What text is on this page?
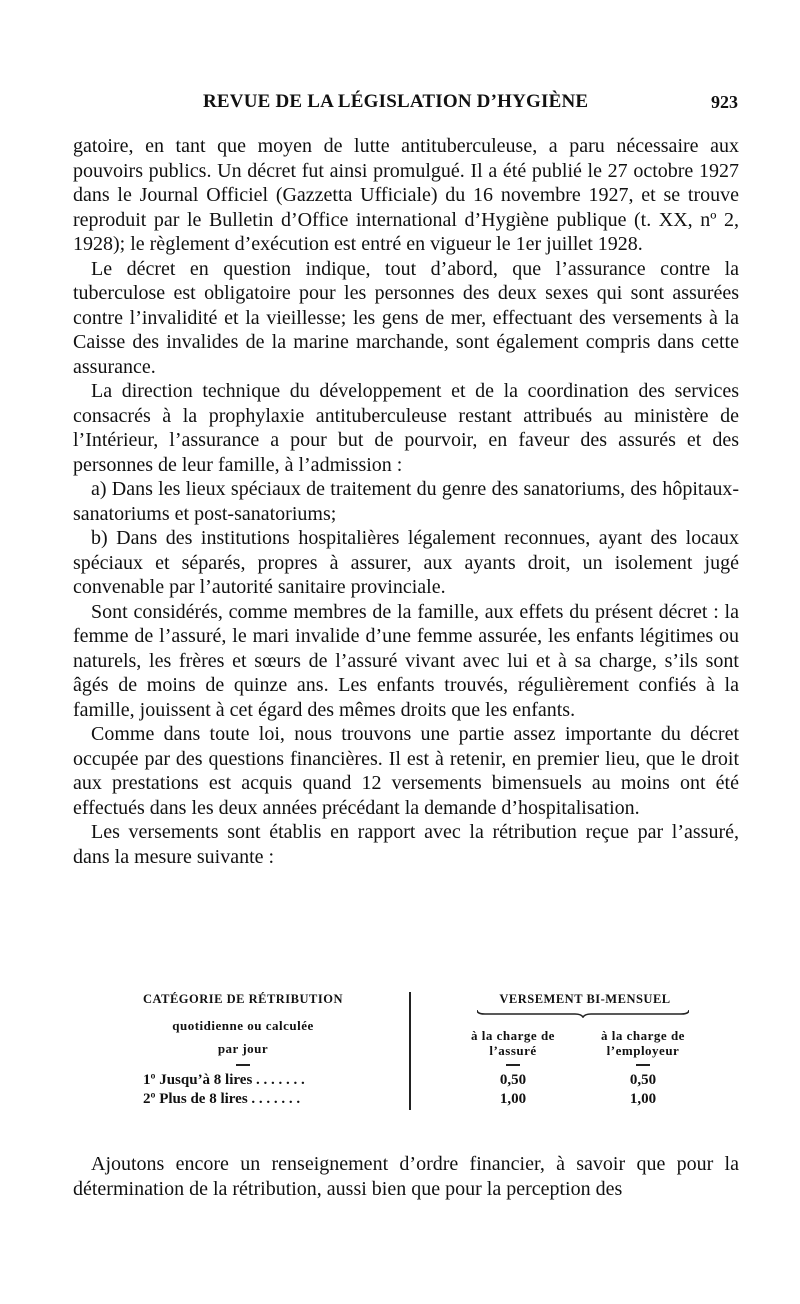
REVUE DE LA LÉGISLATION D’HYGIÈNE	923

gatoire, en tant que moyen de lutte antituberculeuse, a paru nécessaire aux pouvoirs publics. Un décret fut ainsi promulgué. Il a été publié le 27 octobre 1927 dans le Journal Officiel (Gazzetta Ufficiale) du 16 novembre 1927, et se trouve reproduit par le Bulletin d’Office international d’Hygiène publique (t. XX, nº 2, 1928); le règlement d’exécution est entré en vigueur le 1er juillet 1928.

Le décret en question indique, tout d’abord, que l’assurance contre la tuberculose est obligatoire pour les personnes des deux sexes qui sont assurées contre l’invalidité et la vieillesse; les gens de mer, effectuant des versements à la Caisse des invalides de la marine marchande, sont également compris dans cette assurance.

La direction technique du développement et de la coordination des services consacrés à la prophylaxie antituberculeuse restant attribués au ministère de l’Intérieur, l’assurance a pour but de pourvoir, en faveur des assurés et des personnes de leur famille, à l’admission :

a) Dans les lieux spéciaux de traitement du genre des sanatoriums, des hôpitaux-sanatoriums et post-sanatoriums;

b) Dans des institutions hospitalières légalement reconnues, ayant des locaux spéciaux et séparés, propres à assurer, aux ayants droit, un isolement jugé convenable par l’autorité sanitaire provinciale.

Sont considérés, comme membres de la famille, aux effets du présent décret : la femme de l’assuré, le mari invalide d’une femme assurée, les enfants légitimes ou naturels, les frères et sœurs de l’assuré vivant avec lui et à sa charge, s’ils sont âgés de moins de quinze ans. Les enfants trouvés, régulièrement confiés à la famille, jouissent à cet égard des mêmes droits que les enfants.

Comme dans toute loi, nous trouvons une partie assez importante du décret occupée par des questions financières. Il est à retenir, en premier lieu, que le droit aux prestations est acquis quand 12 versements bimensuels au moins ont été effectués dans les deux années précédant la demande d’hospitalisation.

Les versements sont établis en rapport avec la rétribution reçue par l’assuré, dans la mesure suivante :

CATÉGORIE DE RÉTRIBUTION
quotidienne ou calculée
par jour
VERSEMENT BI-MENSUEL
à la charge de l’assuré
à la charge de l’employeur
1º Jusqu’à 8 lires . . . . . . .	0,50	0,50
2º Plus de 8 lires . . . . . . .	1,00	1,00

Ajoutons encore un renseignement d’ordre financier, à savoir que pour la détermination de la rétribution, aussi bien que pour la perception des
